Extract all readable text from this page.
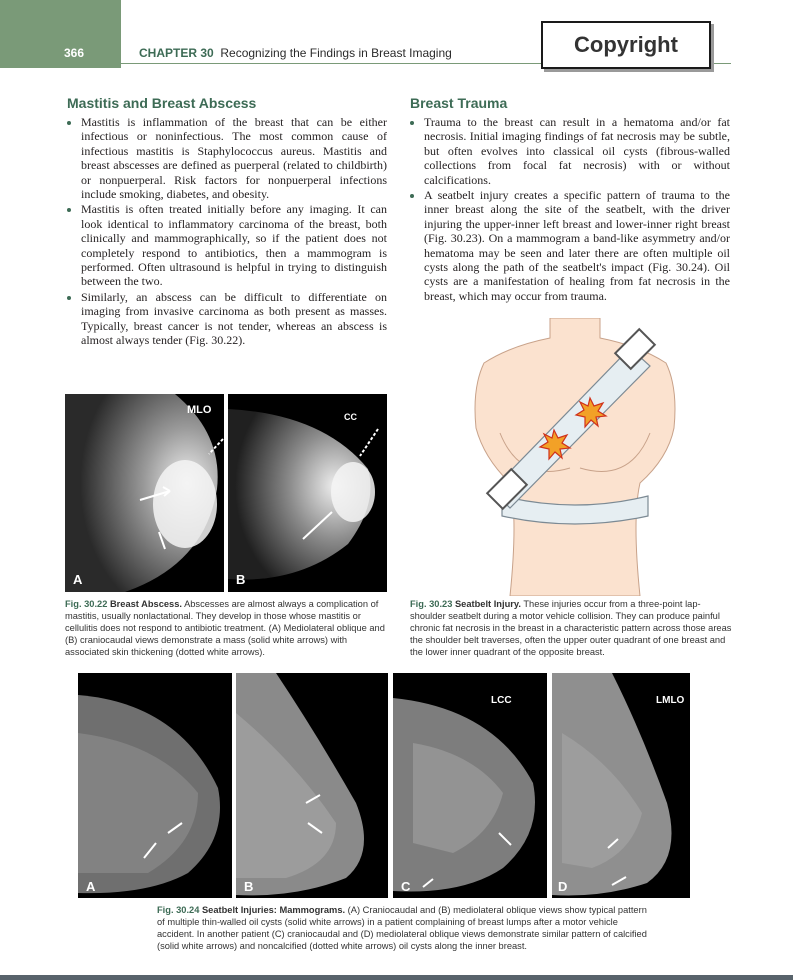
366	CHAPTER 30 Recognizing the Findings in Breast Imaging	Copyright
Mastitis and Breast Abscess
• Mastitis is inflammation of the breast that can be either infectious or noninfectious. The most common cause of infectious mastitis is Staphylococcus aureus. Mastitis and breast abscesses are defined as puerperal (related to childbirth) or nonpuerperal. Risk factors for nonpuerperal infections include smoking, diabetes, and obesity.
• Mastitis is often treated initially before any imaging. It can look identical to inflammatory carcinoma of the breast, both clinically and mammographically, so if the patient does not completely respond to antibiotics, then a mammogram is performed. Often ultrasound is helpful in trying to distinguish between the two.
• Similarly, an abscess can be difficult to differentiate on imaging from invasive carcinoma as both present as masses. Typically, breast cancer is not tender, whereas an abscess is almost always tender (Fig. 30.22).
Breast Trauma
• Trauma to the breast can result in a hematoma and/or fat necrosis. Initial imaging findings of fat necrosis may be subtle, but often evolves into classical oil cysts (fibrous-walled collections from focal fat necrosis) with or without calcifications.
• A seatbelt injury creates a specific pattern of trauma to the inner breast along the site of the seatbelt, with the driver injuring the upper-inner left breast and lower-inner right breast (Fig. 30.23). On a mammogram a band-like asymmetry and/or hematoma may be seen and later there are often multiple oil cysts along the path of the seatbelt's impact (Fig. 30.24). Oil cysts are a manifestation of healing from fat necrosis in the breast, which may occur from trauma.
MLO
A
CC
B
Fig. 30.22 Breast Abscess. Abscesses are almost always a complication of mastitis, usually nonlactational. They develop in those whose mastitis or cellulitis does not respond to antibiotic treatment. (A) Mediolateral oblique and (B) craniocaudal views demonstrate a mass (solid white arrows) with associated skin thickening (dotted white arrows).
Fig. 30.23 Seatbelt Injury. These injuries occur from a three-point lap-shoulder seatbelt during a motor vehicle collision. They can produce painful chronic fat necrosis in the breast in a characteristic pattern across those areas the shoulder belt traverses, often the upper outer quadrant of one breast and the lower inner quadrant of the opposite breast.
A	B
LCC
C
LMLO
D
Fig. 30.24 Seatbelt Injuries: Mammograms. (A) Craniocaudal and (B) mediolateral oblique views show typical pattern of multiple thin-walled oil cysts (solid white arrows) in a patient complaining of breast lumps after a motor vehicle accident. In another patient (C) craniocaudal and (D) mediolateral oblique views demonstrate similar pattern of calcified (solid white arrows) and noncalcified (dotted white arrows) oil cysts along the inner breast.
